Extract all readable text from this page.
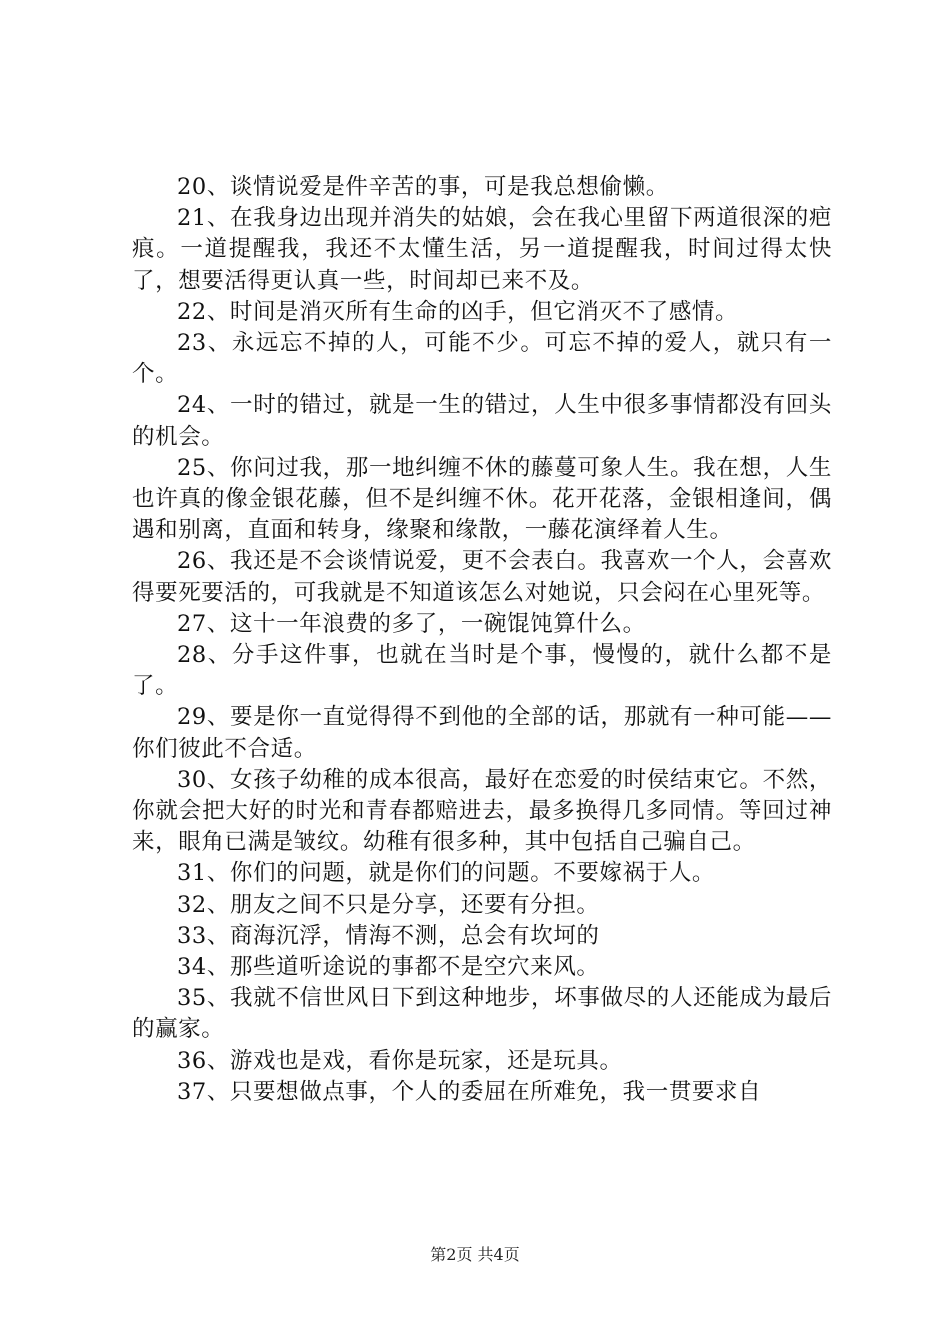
20、谈情说爱是件辛苦的事，可是我总想偷懒。

21、在我身边出现并消失的姑娘，会在我心里留下两道很深的疤痕。一道提醒我，我还不太懂生活，另一道提醒我，时间过得太快了，想要活得更认真一些，时间却已来不及。

22、时间是消灭所有生命的凶手，但它消灭不了感情。

23、永远忘不掉的人，可能不少。可忘不掉的爱人，就只有一个。

24、一时的错过，就是一生的错过，人生中很多事情都没有回头的机会。

25、你问过我，那一地纠缠不休的藤蔓可象人生。我在想，人生也许真的像金银花藤，但不是纠缠不休。花开花落，金银相逢间，偶遇和别离，直面和转身，缘聚和缘散，一藤花演绎着人生。

26、我还是不会谈情说爱，更不会表白。我喜欢一个人，会喜欢得要死要活的，可我就是不知道该怎么对她说，只会闷在心里死等。

27、这十一年浪费的多了，一碗馄饨算什么。

28、分手这件事，也就在当时是个事，慢慢的，就什么都不是了。

29、要是你一直觉得得不到他的全部的话，那就有一种可能——你们彼此不合适。

30、女孩子幼稚的成本很高，最好在恋爱的时侯结束它。不然，你就会把大好的时光和青春都赔进去，最多换得几多同情。等回过神来，眼角已满是皱纹。幼稚有很多种，其中包括自己骗自己。

31、你们的问题，就是你们的问题。不要嫁祸于人。

32、朋友之间不只是分享，还要有分担。

33、商海沉浮，情海不测，总会有坎坷的

34、那些道听途说的事都不是空穴来风。

35、我就不信世风日下到这种地步，坏事做尽的人还能成为最后的赢家。

36、游戏也是戏，看你是玩家，还是玩具。

37、只要想做点事，个人的委屈在所难免，我一贯要求自

第2页 共4页
